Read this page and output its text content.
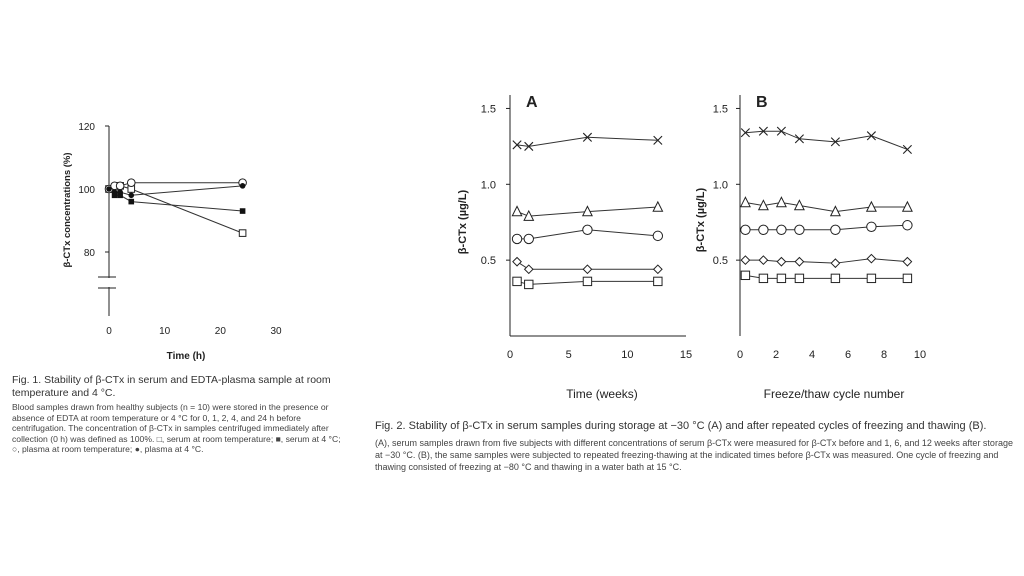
β-CTx concentrations (%)
Time (h)
80
100
120
0	10	20	30
β-CTx (µg/L)	β-CTx (µg/L)
Time (weeks)	Freeze/thaw cycle number
A	B
0.5
1.0
1.5
0	5	10	15
0.5
1.0
1.5
0	2	4	6	8 10
Fig. 1. Stability of β-CTx in serum and EDTA-plasma sample at room temperature and 4 °C.
Blood samples drawn from healthy subjects (n = 10) were stored in the presence or absence of EDTA at room temperature or 4 °C for 0, 1, 2, 4, and 24 h before centrifugation. The concentration of β-CTx in samples centrifuged immediately after collection (0 h) was defined as 100%. □, serum at room temperature; ■, serum at 4 °C; ○, plasma at room temperature; ●, plasma at 4 °C.
Fig. 2. Stability of β-CTx in serum samples during storage at −30 °C (A) and after repeated cycles of freezing and thawing (B).
(A), serum samples drawn from five subjects with different concentrations of serum β-CTx were measured for β-CTx before and 1, 6, and 12 weeks after storage at −30 °C. (B), the same samples were subjected to repeated freezing-thawing at the indicated times before β-CTx was measured. One cycle of freezing and thawing consisted of freezing at −80 °C and thawing in a water bath at 15 °C.
